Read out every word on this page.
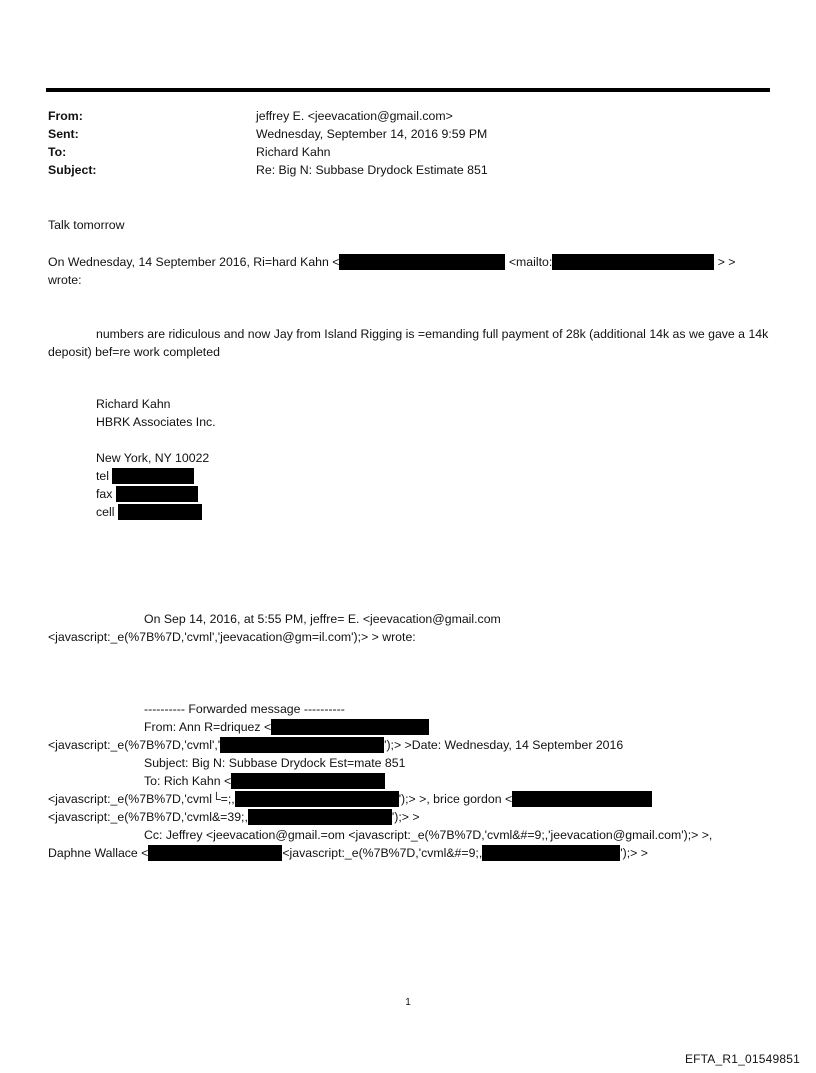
From:	jeffrey E. <jeevacation@gmail.com>
Sent:	Wednesday, September 14, 2016 9:59 PM
To:	Richard Kahn
Subject:	Re: Big N: Subbase Drydock Estimate 851
Talk tomorrow
On Wednesday, 14 September 2016, Ri=hard Kahn <	<mailto:	> >
wrote:
numbers are ridiculous and now Jay from Island Rigging is =emanding full payment of 28k (additional 14k as we gave a 14k deposit) bef=re work completed
Richard Kahn
HBRK Associates Inc.
New York, NY 10022
tel
fax
cell
On Sep 14, 2016, at 5:55 PM, jeffre= E. <jeevacation@gmail.com
<javascript:_e(%7B%7D,'cvml','jeevacation@gm=il.com');> > wrote:
---------- Forwarded message ----------
From: Ann R=driquez <
<javascript:_e(%7B%7D,'cvml','	');> >Date: Wednesday, 14 September 2016
Subject: Big N: Subbase Drydock Est=mate 851
To: Rich Kahn <
<javascript:_e(%7B%7D,'cvml└=;,	');> >, brice gordon <
<javascript:_e(%7B%7D,'cvml&=39;,	');> >
Cc: Jeffrey <jeevacation@gmail.=om <javascript:_e(%7B%7D,'cvml&#=9;,'jeevacation@gmail.com');> >,
Daphne Wallace <	<javascript:_e(%7B%7D,'cvml&#=9;,	');> >
1
EFTA_R1_01549851
